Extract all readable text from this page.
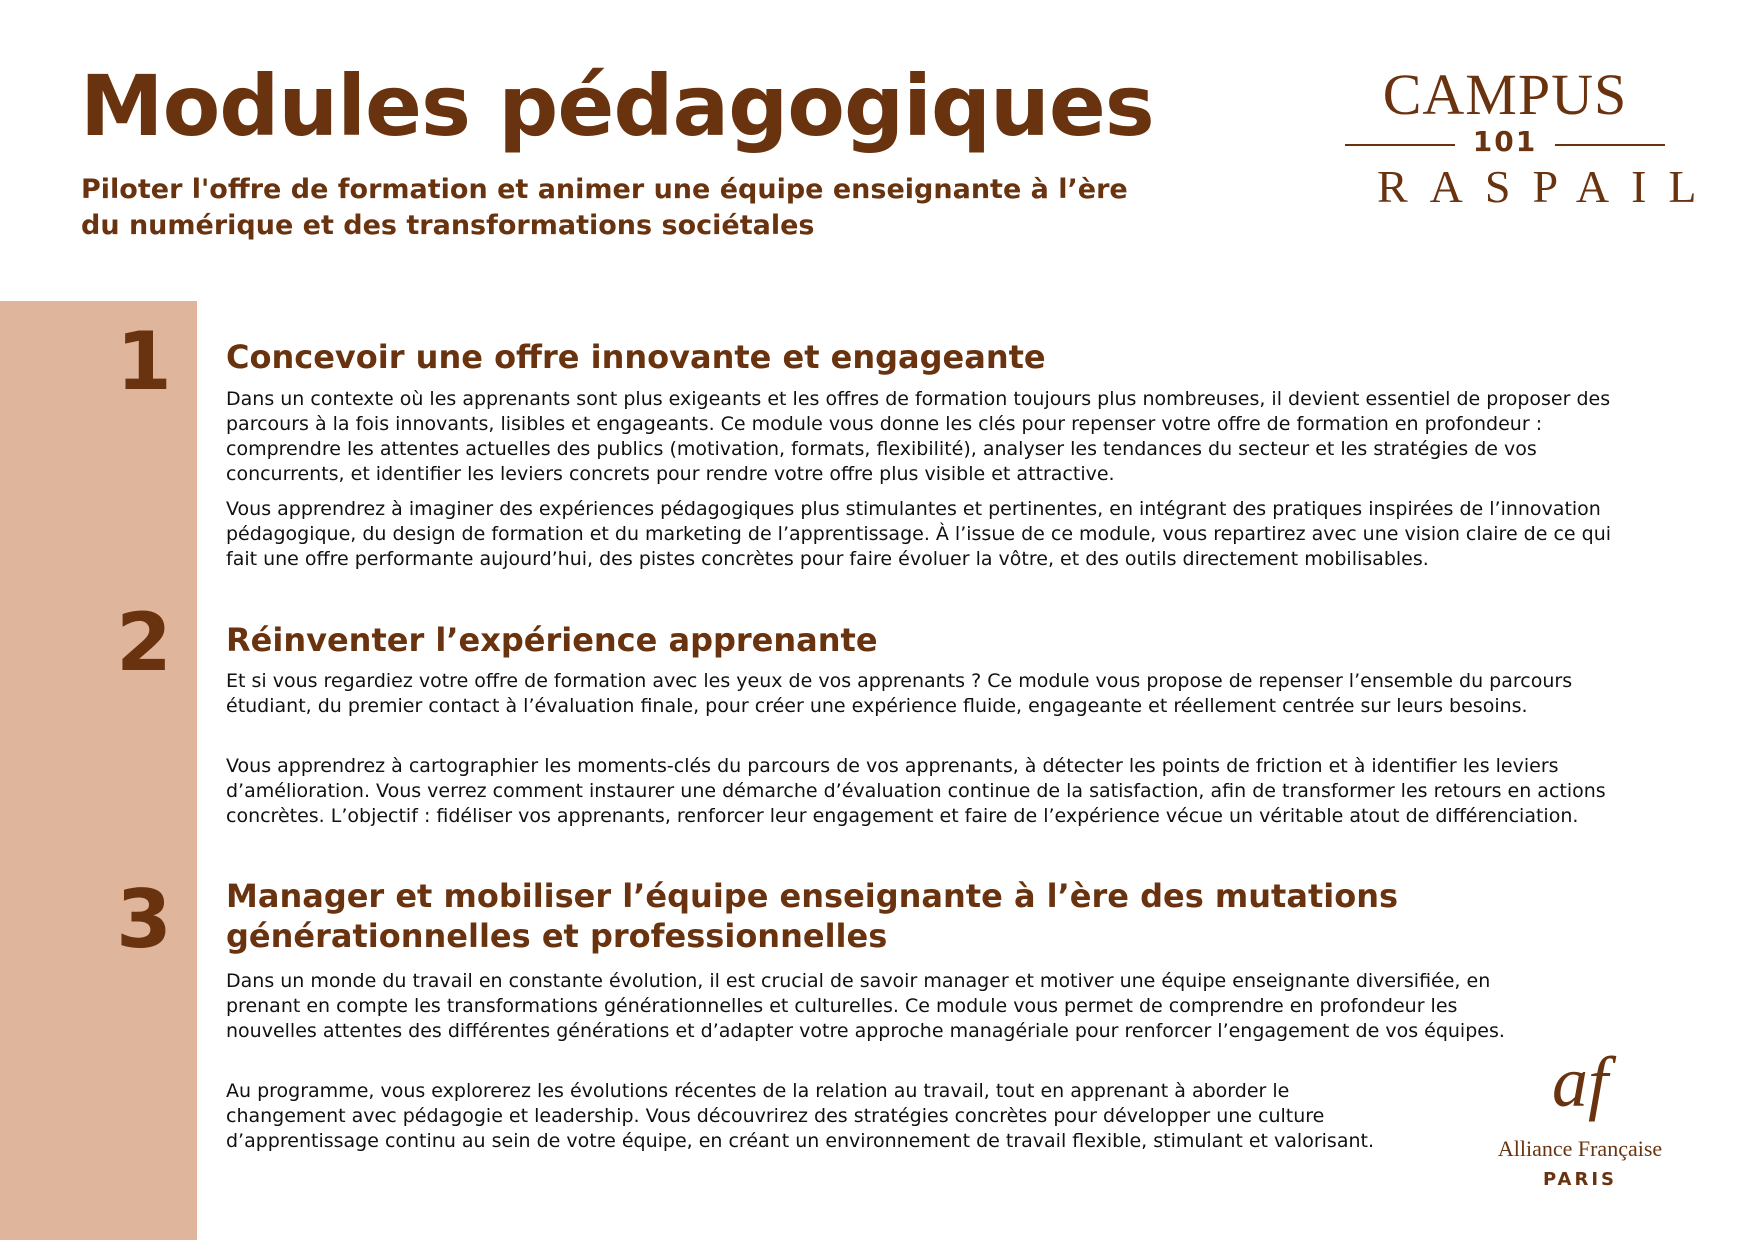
Modules pédagogiques

Piloter l'offre de formation et animer une équipe enseignante à l’ère
du numérique et des transformations sociétales

CAMPUS
101
RASPAIL
1	Concevoir une offre innovante et engageante

Dans un contexte où les apprenants sont plus exigeants et les offres de formation toujours plus nombreuses, il devient essentiel de proposer des parcours à la fois innovants, lisibles et engageants. Ce module vous donne les clés pour repenser votre offre de formation en profondeur : comprendre les attentes actuelles des publics (motivation, formats, flexibilité), analyser les tendances du secteur et les stratégies de vos concurrents, et identifier les leviers concrets pour rendre votre offre plus visible et attractive.

Vous apprendrez à imaginer des expériences pédagogiques plus stimulantes et pertinentes, en intégrant des pratiques inspirées de l’innovation pédagogique, du design de formation et du marketing de l’apprentissage. À l’issue de ce module, vous repartirez avec une vision claire de ce qui fait une offre performante aujourd’hui, des pistes concrètes pour faire évoluer la vôtre, et des outils directement mobilisables.

2	Réinventer l’expérience apprenante

Et si vous regardiez votre offre de formation avec les yeux de vos apprenants ? Ce module vous propose de repenser l’ensemble du parcours étudiant, du premier contact à l’évaluation finale, pour créer une expérience fluide, engageante et réellement centrée sur leurs besoins.

Vous apprendrez à cartographier les moments-clés du parcours de vos apprenants, à détecter les points de friction et à identifier les leviers d’amélioration. Vous verrez comment instaurer une démarche d’évaluation continue de la satisfaction, afin de transformer les retours en actions concrètes. L’objectif : fidéliser vos apprenants, renforcer leur engagement et faire de l’expérience vécue un véritable atout de différenciation.

3	Manager et mobiliser l’équipe enseignante à l’ère des mutations
générationnelles et professionnelles

Dans un monde du travail en constante évolution, il est crucial de savoir manager et motiver une équipe enseignante diversifiée, en prenant en compte les transformations générationnelles et culturelles. Ce module vous permet de comprendre en profondeur les nouvelles attentes des différentes générations et d’adapter votre approche managériale pour renforcer l’engagement de vos équipes.

Au programme, vous explorerez les évolutions récentes de la relation au travail, tout en apprenant à aborder le changement avec pédagogie et leadership. Vous découvrirez des stratégies concrètes pour développer une culture d’apprentissage continu au sein de votre équipe, en créant un environnement de travail flexible, stimulant et valorisant.

af
Alliance Française
PARIS
